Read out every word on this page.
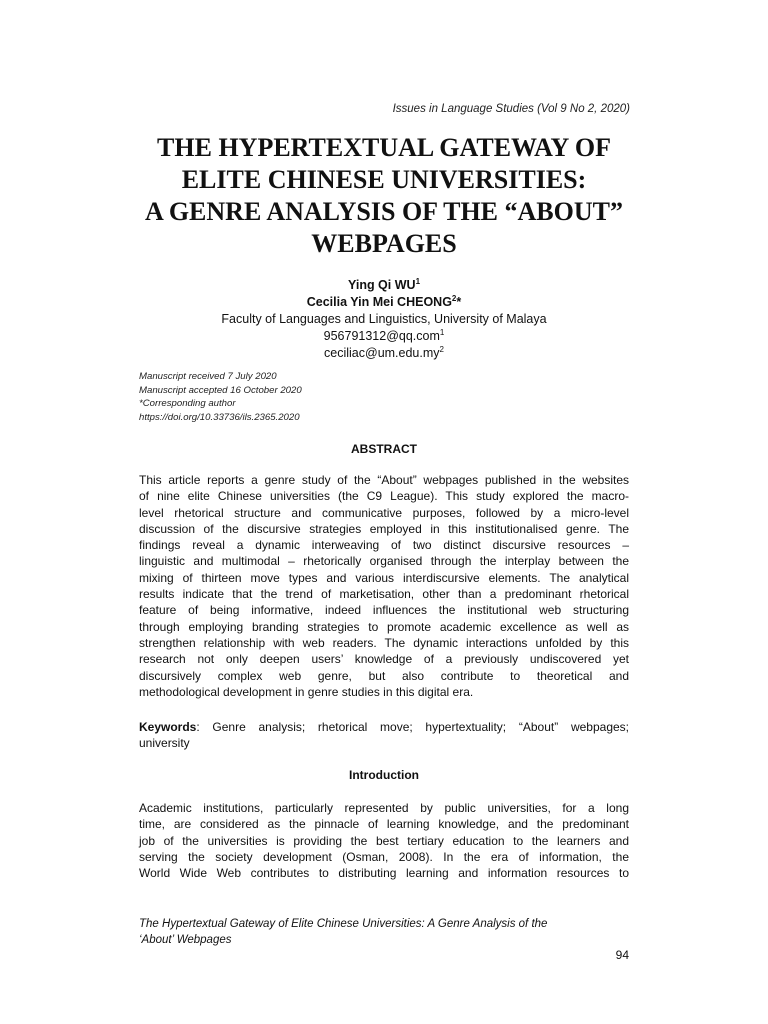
Issues in Language Studies (Vol 9 No 2, 2020)
THE HYPERTEXTUAL GATEWAY OF
ELITE CHINESE UNIVERSITIES:
A GENRE ANALYSIS OF THE “ABOUT”
WEBPAGES
Ying Qi $WU^1$
Cecilia Yin Mei CHEONG$^2$*
Faculty of Languages and Linguistics, University of Malaya
956791312@qq.com$^1$
$ceciliac@um.edu.my^2$
Manuscript received 7 July 2020
Manuscript accepted 16 October 2020
*Corresponding author
https://doi.org/10.33736/ils.2365.2020
ABSTRACT
This article reports a genre study of the “About” webpages published in the websites
of nine elite Chinese universities (the C9 League). This study explored the macro-
level rhetorical structure and communicative purposes, followed by a micro-level
discussion of the discursive strategies employed in this institutionalised genre. The
findings reveal a dynamic interweaving of two distinct discursive resources –
linguistic and multimodal – rhetorically organised through the interplay between the
mixing of thirteen move types and various interdiscursive elements. The analytical
results indicate that the trend of marketisation, other than a predominant rhetorical
feature of being informative, indeed influences the institutional web structuring
through employing branding strategies to promote academic excellence as well as
strengthen relationship with web readers. The dynamic interactions unfolded by this
research not only deepen users’ knowledge of a previously undiscovered yet
discursively complex web genre, but also contribute to theoretical and
methodological development in genre studies in this digital era.
Keywords: Genre analysis; rhetorical move; hypertextuality; “About” webpages;
university
Introduction
Academic institutions, particularly represented by public universities, for a long
time, are considered as the pinnacle of learning knowledge, and the predominant
job of the universities is providing the best tertiary education to the learners and
serving the society development (Osman, 2008). In the era of information, the
World Wide Web contributes to distributing learning and information resources to
The Hypertextual Gateway of Elite Chinese Universities: A Genre Analysis of the
‘About’ Webpages
94
